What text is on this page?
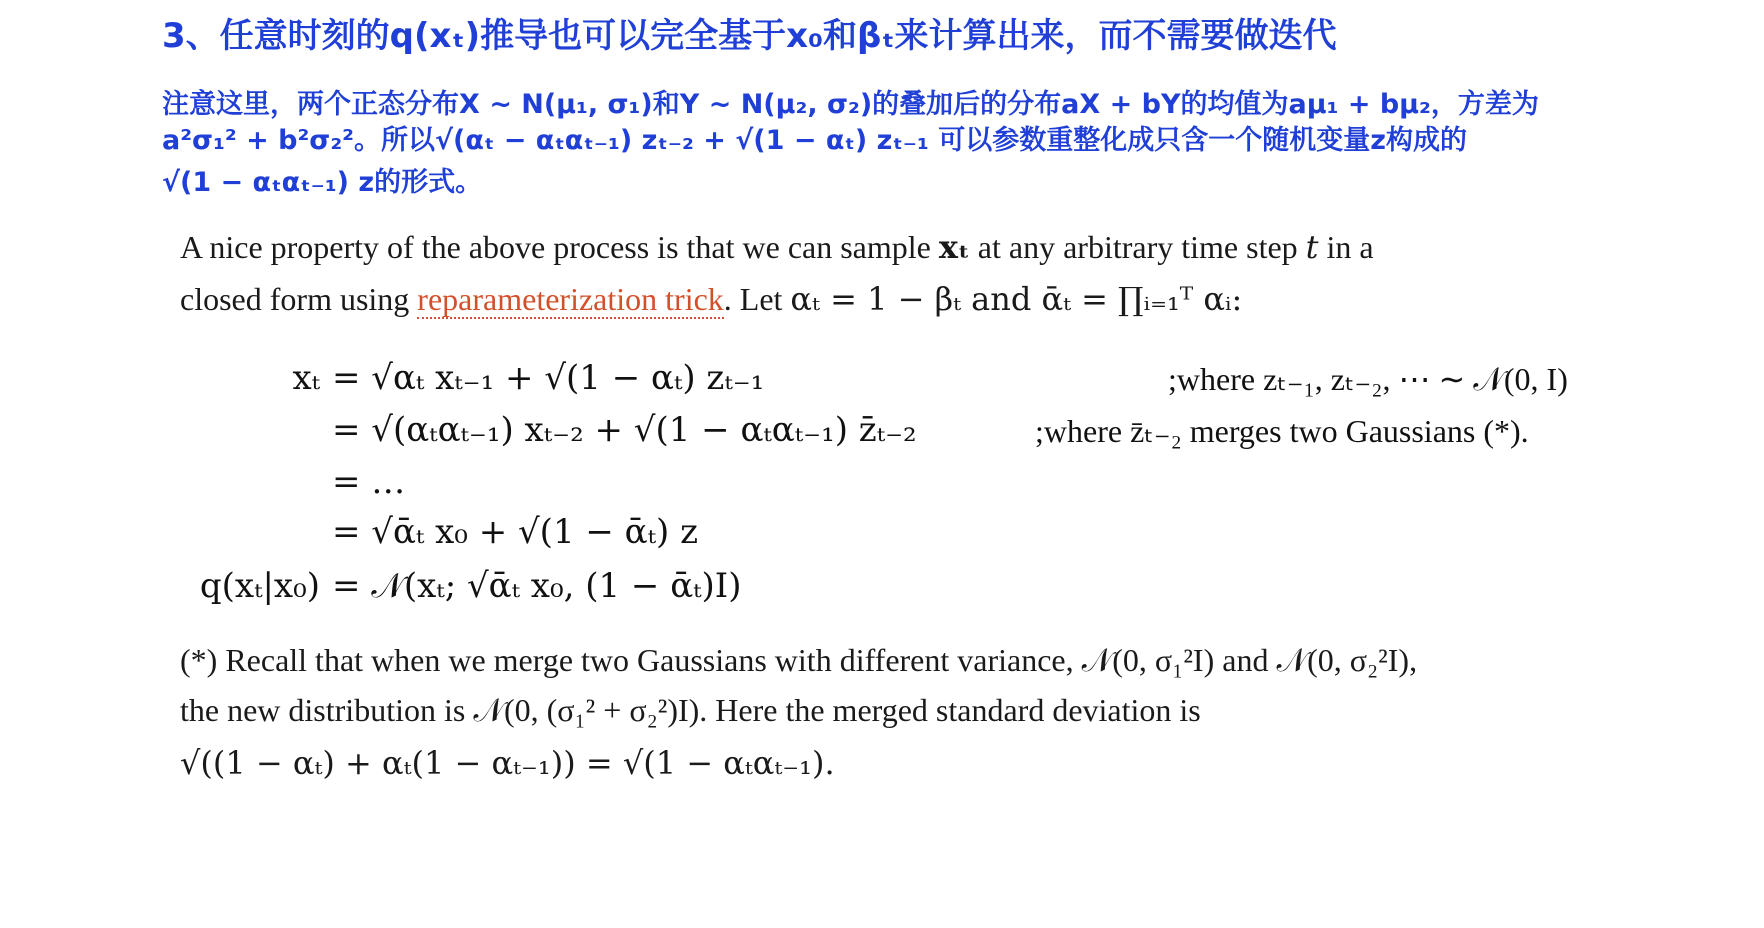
3、任意时刻的q(xₜ)推导也可以完全基于x₀和βₜ来计算出来，而不需要做迭代
注意这里，两个正态分布X ∼ N(μ₁, σ₁)和Y ∼ N(μ₂, σ₂)的叠加后的分布aX + bY的均值为aμ₁ + bμ₂，方差为
a²σ₁² + b²σ₂²。所以√(αₜ − αₜαₜ₋₁) zₜ₋₂ + √(1 − αₜ) zₜ₋₁ 可以参数重整化成只含一个随机变量z构成的
√(1 − αₜαₜ₋₁) z的形式。
A nice property of the above process is that we can sample xₜ at any arbitrary time step t in a
closed form using reparameterization trick. Let αₜ = 1 − βₜ and ᾱₜ = ∏ᵢ₌₁ᵀ αᵢ:
xₜ = √αₜ xₜ₋₁ + √(1 − αₜ) zₜ₋₁	;where zₜ₋₁, zₜ₋₂, ⋯ ∼ 𝒩(0, I)
= √(αₜαₜ₋₁) xₜ₋₂ + √(1 − αₜαₜ₋₁) z̄ₜ₋₂	;where z̄ₜ₋₂ merges two Gaussians (*).
= …
= √ᾱₜ x₀ + √(1 − ᾱₜ) z
q(xₜ|x₀) = 𝒩(xₜ; √ᾱₜ x₀, (1 − ᾱₜ)I)
(*) Recall that when we merge two Gaussians with different variance, 𝒩(0, σ₁²I) and 𝒩(0, σ₂²I),
the new distribution is 𝒩(0, (σ₁² + σ₂²)I). Here the merged standard deviation is
√((1 − αₜ) + αₜ(1 − αₜ₋₁)) = √(1 − αₜαₜ₋₁).
